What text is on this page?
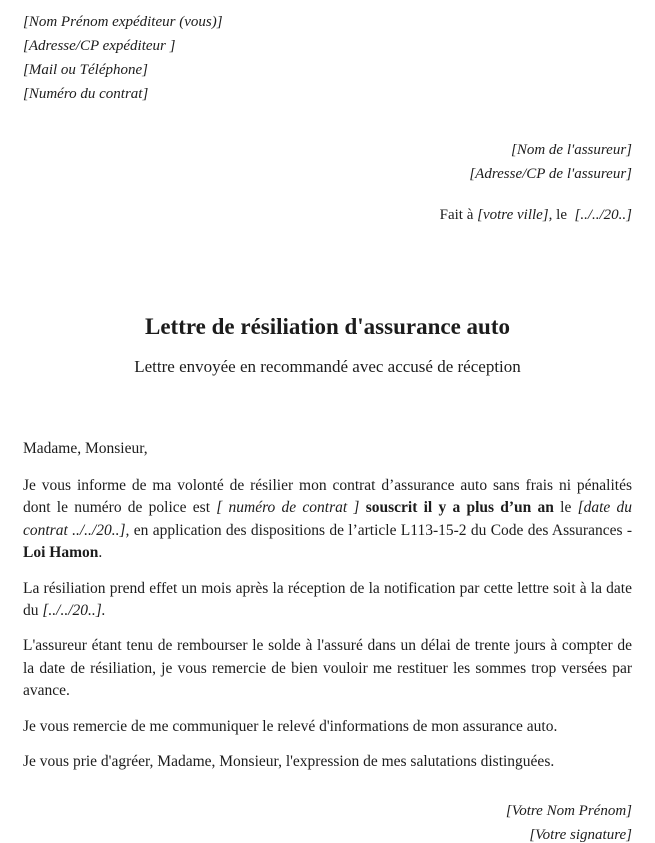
[Nom Prénom expéditeur (vous)]
[Adresse/CP expéditeur ]
[Mail ou Téléphone]
[Numéro du contrat]
[Nom de l'assureur]
[Adresse/CP de l'assureur]
Fait à [votre ville], le  [../../20..]
Lettre de résiliation d'assurance auto
Lettre envoyée en recommandé avec accusé de réception
Madame, Monsieur,

Je vous informe de ma volonté de résilier mon contrat d’assurance auto sans frais ni pénalités dont le numéro de police est [ numéro de contrat ] souscrit il y a plus d’un an le [date du contrat ../../20..], en application des dispositions de l’article L113-15-2 du Code des Assurances - Loi Hamon.

La résiliation prend effet un mois après la réception de la notification par cette lettre soit à la date du [../../20..].

L'assureur étant tenu de rembourser le solde à l'assuré dans un délai de trente jours à compter de la date de résiliation, je vous remercie de bien vouloir me restituer les sommes trop versées par avance.

Je vous remercie de me communiquer le relevé d'informations de mon assurance auto.

Je vous prie d'agréer, Madame, Monsieur, l'expression de mes salutations distinguées.

[Votre Nom Prénom]
[Votre signature]
